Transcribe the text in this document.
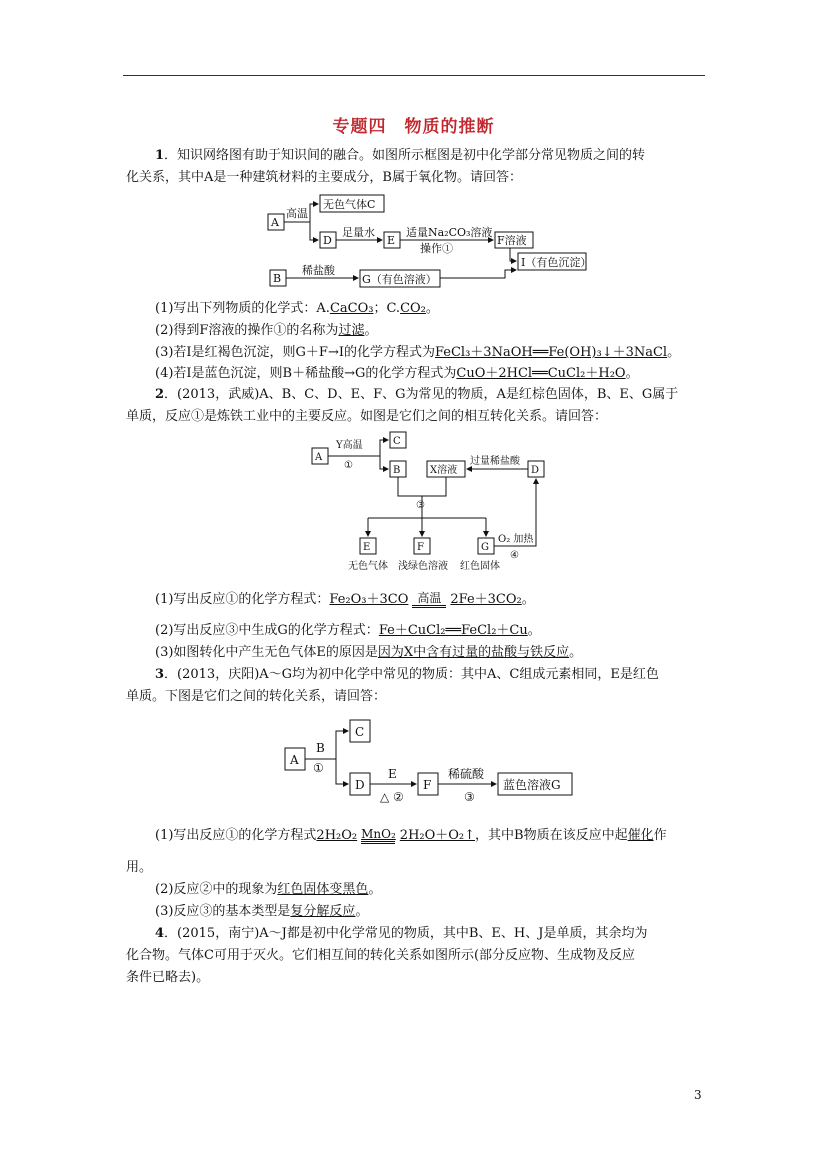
专题四　物质的推断
1．知识网络图有助于知识间的融合。如图所示框图是初中化学部分常见物质之间的转
化关系，其中A是一种建筑材料的主要成分，B属于氧化物。请回答：
A
高温
无色气体C
D
足量水
E
适量Na₂CO₃溶液
操作①
F溶液
B
稀盐酸
G（有色溶液）
I（有色沉淀）
(1)写出下列物质的化学式：A.CaCO₃；C.CO₂。
(2)得到F溶液的操作①的名称为过滤。
(3)若I是红褐色沉淀，则G＋F→I的化学方程式为FeCl₃＋3NaOH══Fe(OH)₃↓＋3NaCl。
(4)若I是蓝色沉淀，则B＋稀盐酸→G的化学方程式为CuO＋2HCl══CuCl₂＋H₂O。
2．(2013，武威)A、B、C、D、E、F、G为常见的物质，A是红棕色固体，B、E、G属于
单质，反应①是炼铁工业中的主要反应。如图是它们之间的相互转化关系。请回答：
A
Y高温
①
C
B	X溶液
过量稀盐酸
D
③
E	F	G
O₂ 加热
④
无色气体 浅绿色溶液 红色固体
(1)写出反应①的化学方程式：Fe₂O₃＋3CO 高温 2Fe＋3CO₂。
(2)写出反应③中生成G的化学方程式：Fe＋CuCl₂══FeCl₂＋Cu。
(3)如图转化中产生无色气体E的原因是因为X中含有过量的盐酸与铁反应。
3．(2013，庆阳)A～G均为初中化学中常见的物质：其中A、C组成元素相同，E是红色
单质。下图是它们之间的转化关系，请回答：
A
B
①
C
D
E
△ ②
F
稀硫酸
③
蓝色溶液G
(1)写出反应①的化学方程式2H₂O₂ MnO₂ 2H₂O＋O₂↑，其中B物质在该反应中起催化作
用。
(2)反应②中的现象为红色固体变黑色。
(3)反应③的基本类型是复分解反应。
4．(2015，南宁)A～J都是初中化学常见的物质，其中B、E、H、J是单质，其余均为
化合物。气体C可用于灭火。它们相互间的转化关系如图所示(部分反应物、生成物及反应
条件已略去)。
3
